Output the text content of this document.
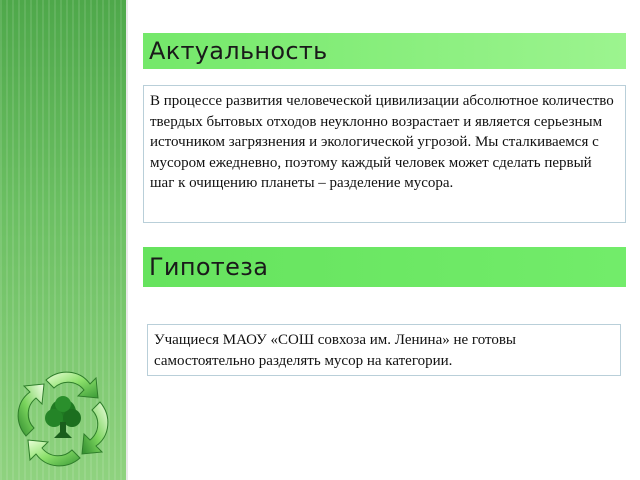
Актуальность
В процессе развития человеческой цивилизации абсолютное количество твердых бытовых отходов неуклонно возрастает и является серьезным источником загрязнения и экологической угрозой. Мы сталкиваемся с мусором ежедневно, поэтому каждый человек может сделать первый шаг к очищению планеты – разделение мусора.
Гипотеза
Учащиеся МАОУ «СОШ совхоза им. Ленина» не готовы самостоятельно разделять мусор на категории.
